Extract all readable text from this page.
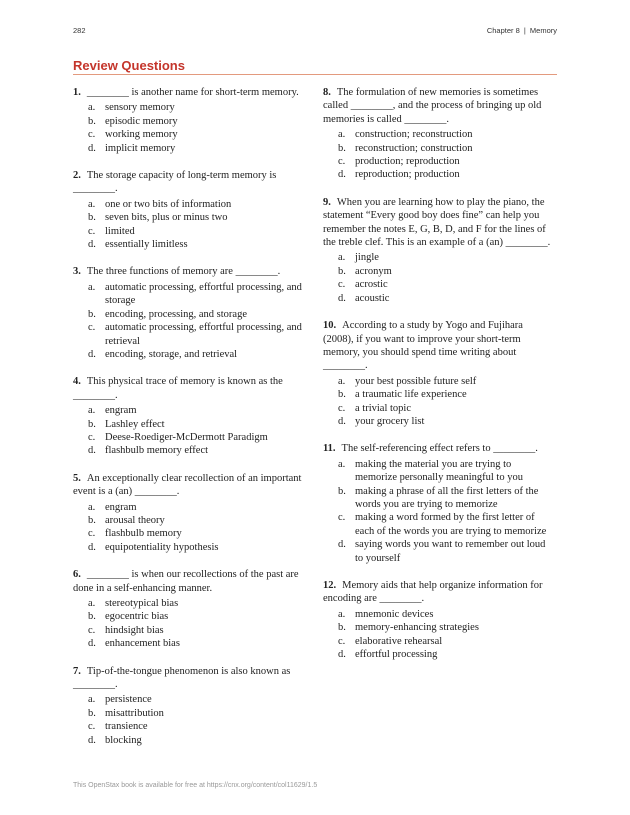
282	Chapter 8 | Memory
Review Questions

1. ________ is another name for short-term memory.

a. sensory memory
b. episodic memory
c. working memory
d. implicit memory

2. The storage capacity of long-term memory is ________.

a. one or two bits of information
b. seven bits, plus or minus two
c. limited
d. essentially limitless

3. The three functions of memory are ________.

a. automatic processing, effortful processing, and storage
b. encoding, processing, and storage
c. automatic processing, effortful processing, and retrieval
d. encoding, storage, and retrieval

4. This physical trace of memory is known as the ________.

a. engram
b. Lashley effect
c. Deese-Roediger-McDermott Paradigm
d. flashbulb memory effect

5. An exceptionally clear recollection of an important event is a (an) ________.

a. engram
b. arousal theory
c. flashbulb memory
d. equipotentiality hypothesis

6. ________ is when our recollections of the past are done in a self-enhancing manner.

a. stereotypical bias
b. egocentric bias
c. hindsight bias
d. enhancement bias

7. Tip-of-the-tongue phenomenon is also known as ________.

a. persistence
b. misattribution
c. transience
d. blocking

8. The formulation of new memories is sometimes called ________, and the process of bringing up old memories is called ________.

a. construction; reconstruction
b. reconstruction; construction
c. production; reproduction
d. reproduction; production

9. When you are learning how to play the piano, the statement “Every good boy does fine” can help you remember the notes E, G, B, D, and F for the lines of the treble clef. This is an example of a (an) ________.

a. jingle
b. acronym
c. acrostic
d. acoustic

10. According to a study by Yogo and Fujihara (2008), if you want to improve your short-term memory, you should spend time writing about ________.

a. your best possible future self
b. a traumatic life experience
c. a trivial topic
d. your grocery list

11. The self-referencing effect refers to ________.

a. making the material you are trying to memorize personally meaningful to you
b. making a phrase of all the first letters of the words you are trying to memorize
c. making a word formed by the first letter of each of the words you are trying to memorize
d. saying words you want to remember out loud to yourself

12. Memory aids that help organize information for encoding are ________.

a. mnemonic devices
b. memory-enhancing strategies
c. elaborative rehearsal
d. effortful processing
This OpenStax book is available for free at https://cnx.org/content/col11629/1.5
